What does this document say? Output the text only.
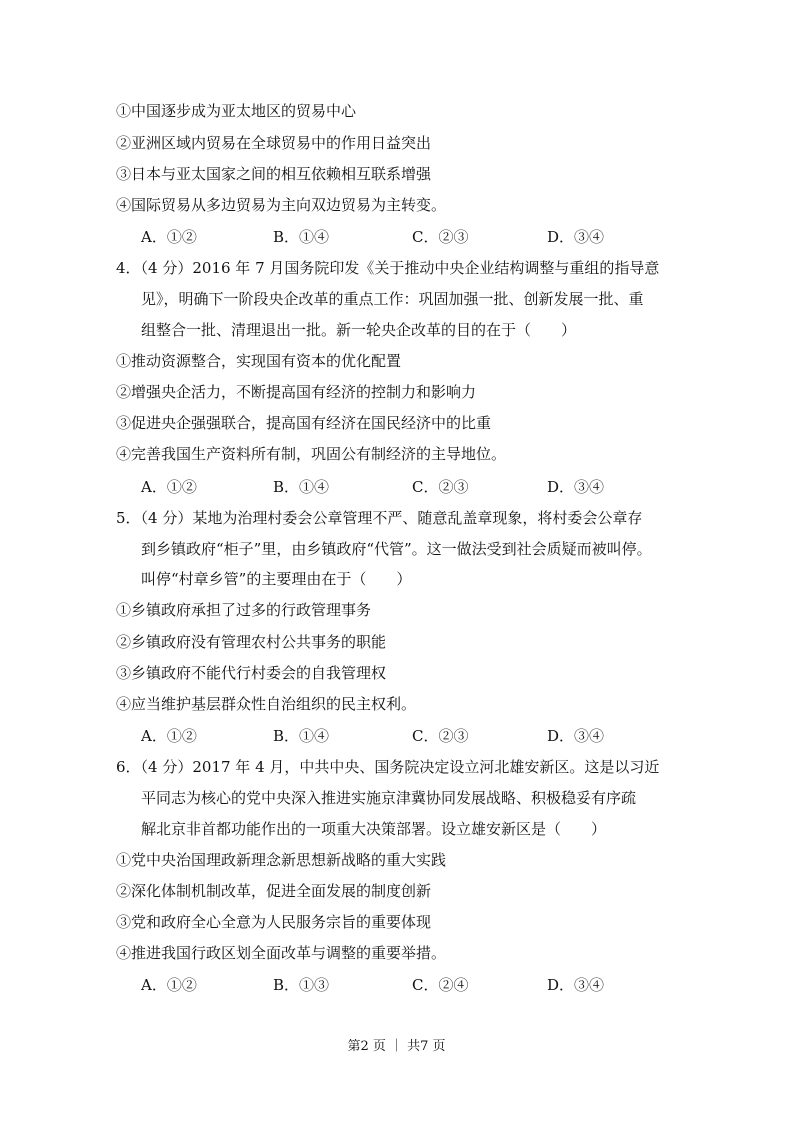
①中国逐步成为亚太地区的贸易中心
②亚洲区域内贸易在全球贸易中的作用日益突出
③日本与亚太国家之间的相互依赖相互联系增强
④国际贸易从多边贸易为主向双边贸易为主转变。
A．①②	B．①④	C．②③	D．③④
4．（4 分）2016 年 7 月国务院印发《关于推动中央企业结构调整与重组的指导意
见》，明确下一阶段央企改革的重点工作：巩固加强一批、创新发展一批、重
组整合一批、清理退出一批。新一轮央企改革的目的在于（　　）
①推动资源整合，实现国有资本的优化配置
②增强央企活力，不断提高国有经济的控制力和影响力
③促进央企强强联合，提高国有经济在国民经济中的比重
④完善我国生产资料所有制，巩固公有制经济的主导地位。
A．①②	B．①④	C．②③	D．③④
5．（4 分）某地为治理村委会公章管理不严、随意乱盖章现象，将村委会公章存
到乡镇政府“柜子”里，由乡镇政府“代管”。这一做法受到社会质疑而被叫停。
叫停“村章乡管”的主要理由在于（　　）
①乡镇政府承担了过多的行政管理事务
②乡镇政府没有管理农村公共事务的职能
③乡镇政府不能代行村委会的自我管理权
④应当维护基层群众性自治组织的民主权利。
A．①②	B．①④	C．②③	D．③④
6．（4 分）2017 年 4 月，中共中央、国务院决定设立河北雄安新区。这是以习近
平同志为核心的党中央深入推进实施京津冀协同发展战略、积极稳妥有序疏
解北京非首都功能作出的一项重大决策部署。设立雄安新区是（　　）
①党中央治国理政新理念新思想新战略的重大实践
②深化体制机制改革，促进全面发展的制度创新
③党和政府全心全意为人民服务宗旨的重要体现
④推进我国行政区划全面改革与调整的重要举措。
A．①②	B．①③	C．②④	D．③④
第2 页 ｜ 共7 页
